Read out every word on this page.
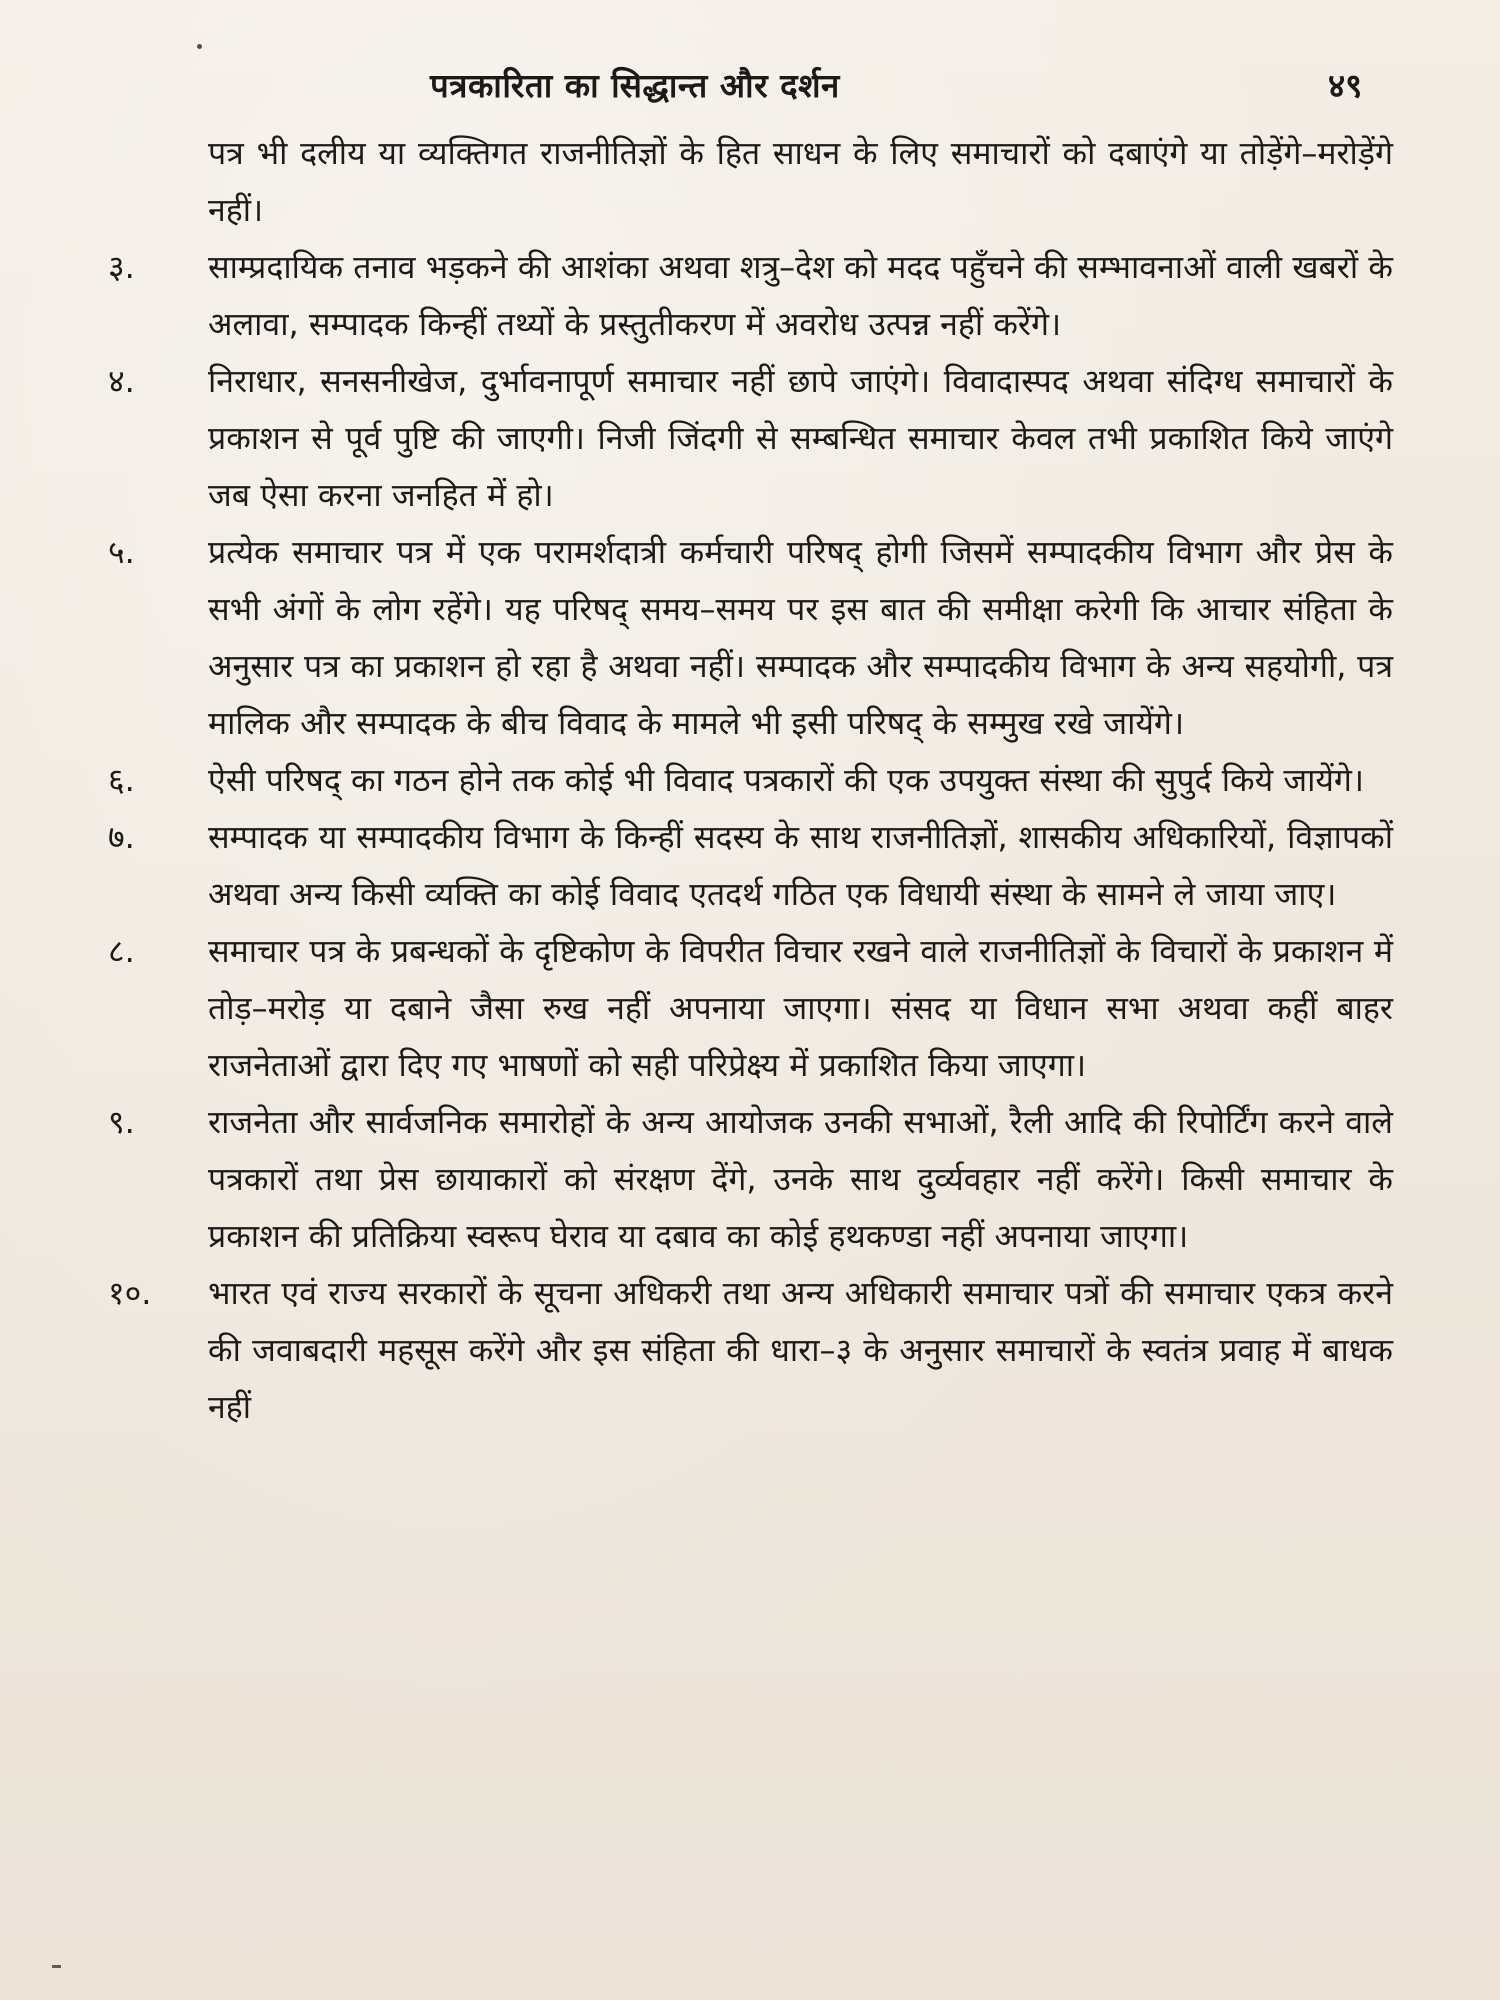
पत्रकारिता का सिद्धान्त और दर्शन	४९
पत्र भी दलीय या व्यक्तिगत राजनीतिज्ञों के हित साधन के लिए समाचारों को दबाएंगे या तोड़ेंगे–मरोड़ेंगे नहीं।
३.	साम्प्रदायिक तनाव भड़कने की आशंका अथवा शत्रु–देश को मदद पहुँचने की सम्भावनाओं वाली खबरों के अलावा, सम्पादक किन्हीं तथ्यों के प्रस्तुतीकरण में अवरोध उत्पन्न नहीं करेंगे।
४.	निराधार, सनसनीखेज, दुर्भावनापूर्ण समाचार नहीं छापे जाएंगे। विवादास्पद अथवा संदिग्ध समाचारों के प्रकाशन से पूर्व पुष्टि की जाएगी। निजी जिंदगी से सम्बन्धित समाचार केवल तभी प्रकाशित किये जाएंगे जब ऐसा करना जनहित में हो।
५.	प्रत्येक समाचार पत्र में एक परामर्शदात्री कर्मचारी परिषद् होगी जिसमें सम्पादकीय विभाग और प्रेस के सभी अंगों के लोग रहेंगे। यह परिषद् समय–समय पर इस बात की समीक्षा करेगी कि आचार संहिता के अनुसार पत्र का प्रकाशन हो रहा है अथवा नहीं। सम्पादक और सम्पादकीय विभाग के अन्य सहयोगी, पत्र मालिक और सम्पादक के बीच विवाद के मामले भी इसी परिषद् के सम्मुख रखे जायेंगे।
६.	ऐसी परिषद् का गठन होने तक कोई भी विवाद पत्रकारों की एक उपयुक्त संस्था की सुपुर्द किये जायेंगे।
७.	सम्पादक या सम्पादकीय विभाग के किन्हीं सदस्य के साथ राजनीतिज्ञों, शासकीय अधिकारियों, विज्ञापकों अथवा अन्य किसी व्यक्ति का कोई विवाद एतदर्थ गठित एक विधायी संस्था के सामने ले जाया जाए।
८.	समाचार पत्र के प्रबन्धकों के दृष्टिकोण के विपरीत विचार रखने वाले राजनीतिज्ञों के विचारों के प्रकाशन में तोड़–मरोड़ या दबाने जैसा रुख नहीं अपनाया जाएगा। संसद या विधान सभा अथवा कहीं बाहर राजनेताओं द्वारा दिए गए भाषणों को सही परिप्रेक्ष्य में प्रकाशित किया जाएगा।
९.	राजनेता और सार्वजनिक समारोहों के अन्य आयोजक उनकी सभाओं, रैली आदि की रिपोर्टिंग करने वाले पत्रकारों तथा प्रेस छायाकारों को संरक्षण देंगे, उनके साथ दुर्व्यवहार नहीं करेंगे। किसी समाचार के प्रकाशन की प्रतिक्रिया स्वरूप घेराव या दबाव का कोई हथकण्डा नहीं अपनाया जाएगा।
१०.	भारत एवं राज्य सरकारों के सूचना अधिकरी तथा अन्य अधिकारी समाचार पत्रों की समाचार एकत्र करने की जवाबदारी महसूस करेंगे और इस संहिता की धारा–३ के अनुसार समाचारों के स्वतंत्र प्रवाह में बाधक नहीं
